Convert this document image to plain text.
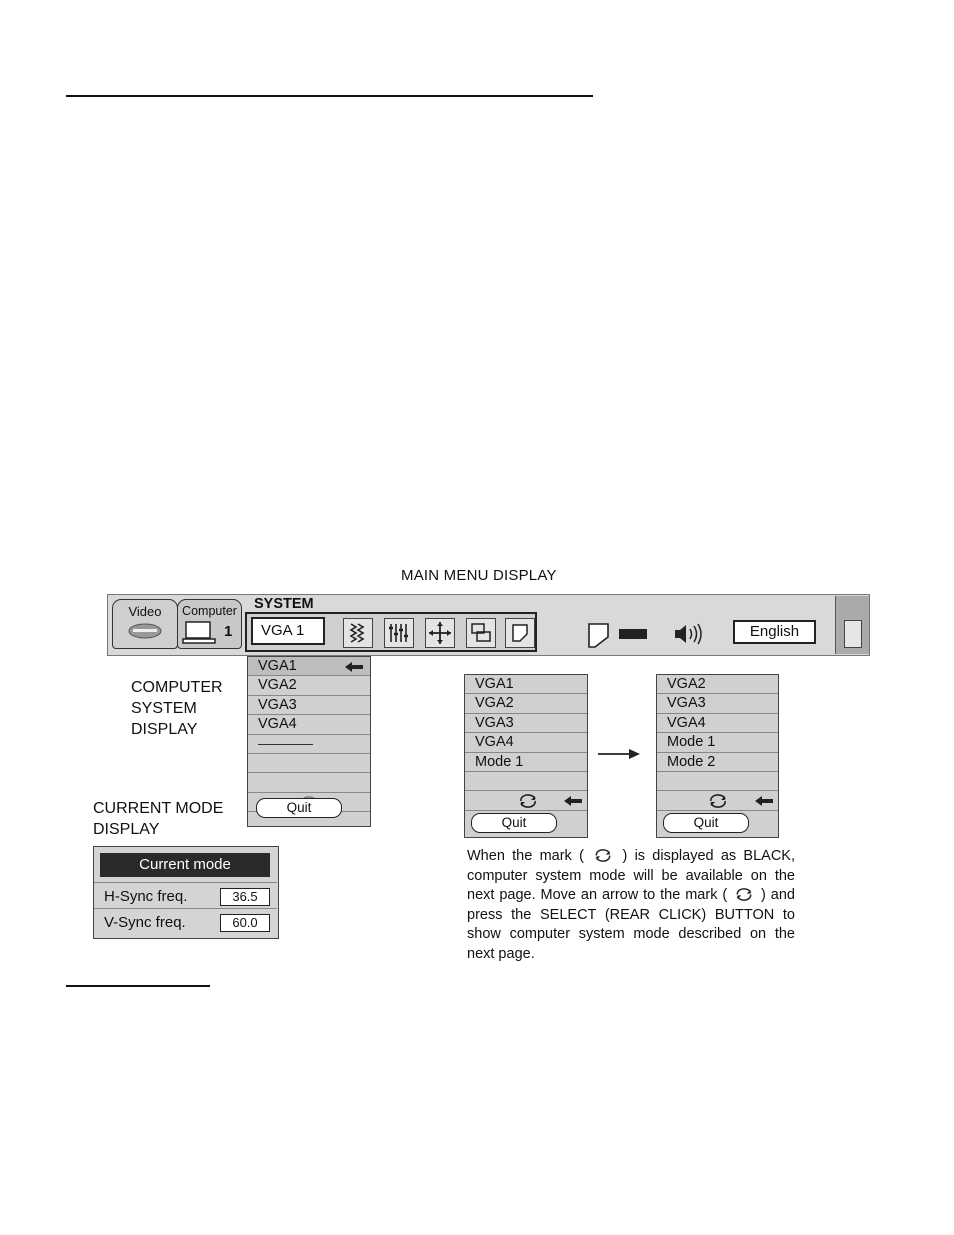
MAIN MENU DISPLAY
Video	Computer
1
SYSTEM
VGA 1	English
COMPUTER
SYSTEM
DISPLAY
VGA1
VGA2
VGA3
VGA4
Quit
VGA1
VGA2
VGA3
VGA4
Mode 1
Quit
VGA2
VGA3
VGA4
Mode 1
Mode 2
Quit
CURRENT MODE
DISPLAY
Current mode
H-Sync freq.	36.5
V-Sync freq.	60.0
When the mark (	) is displayed as BLACK, computer system mode will be available on the next page. Move an arrow to the mark ( ) and press the SELECT (REAR CLICK) BUTTON to show computer system mode described on the next page.
